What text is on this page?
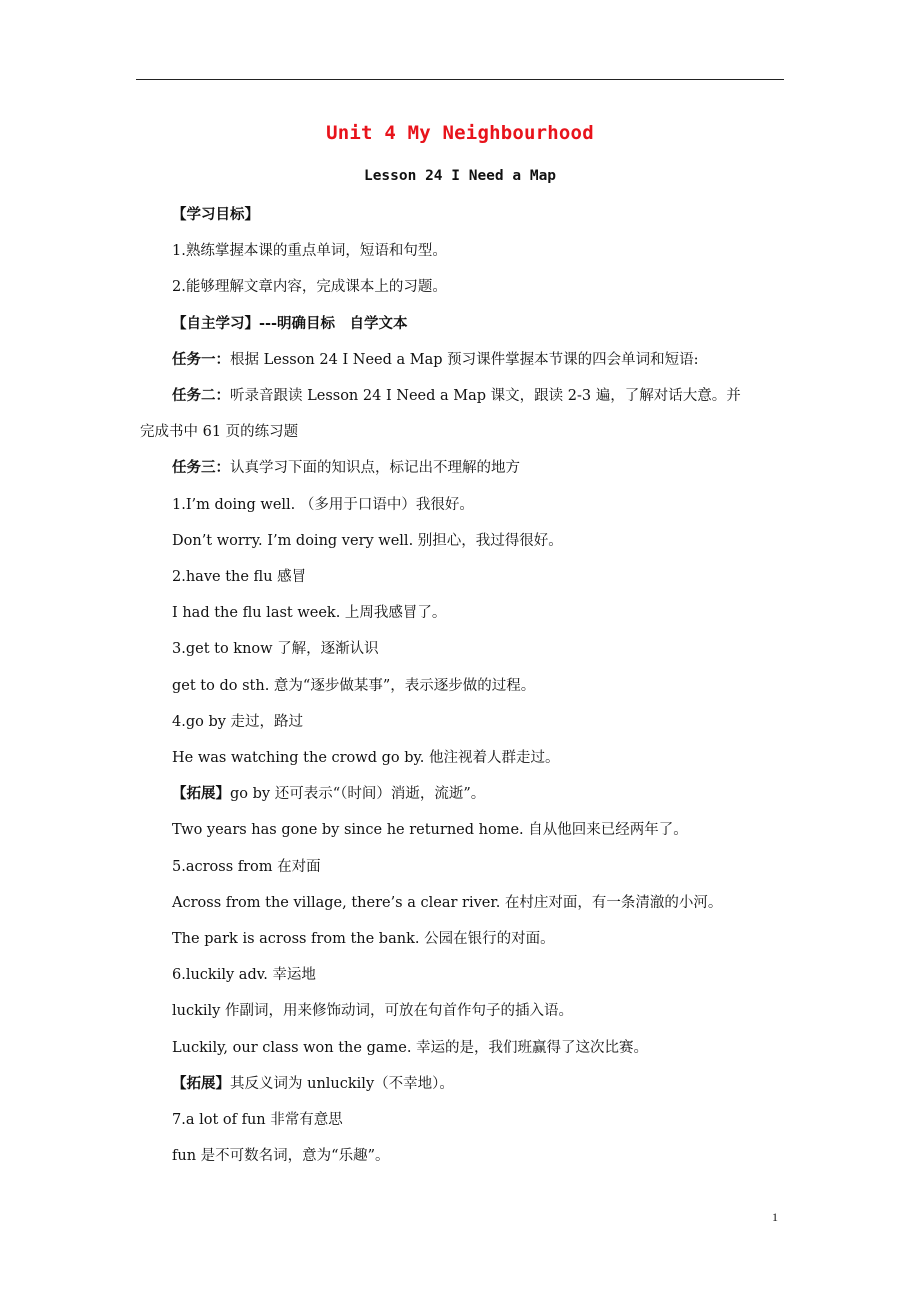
Unit 4 My Neighbourhood
Lesson 24 I Need a Map
【学习目标】
1.熟练掌握本课的重点单词，短语和句型。
2.能够理解文章内容，完成课本上的习题。
【自主学习】---明确目标　自学文本
任务一：根据 Lesson 24 I Need a Map 预习课件掌握本节课的四会单词和短语:
任务二：听录音跟读 Lesson 24 I Need a Map 课文，跟读 2-3 遍，了解对话大意。并
完成书中 61 页的练习题
任务三：认真学习下面的知识点，标记出不理解的地方
1.I’m doing well. （多用于口语中）我很好。
Don’t worry. I’m doing very well. 别担心，我过得很好。
2.have the flu 感冒
I had the flu last week. 上周我感冒了。
3.get to know 了解，逐渐认识
get to do sth. 意为“逐步做某事”，表示逐步做的过程。
4.go by 走过，路过
He was watching the crowd go by. 他注视着人群走过。
【拓展】go by 还可表示“（时间）消逝，流逝”。
Two years has gone by since he returned home. 自从他回来已经两年了。
5.across from 在对面
Across from the village, there’s a clear river. 在村庄对面，有一条清澈的小河。
The park is across from the bank. 公园在银行的对面。
6.luckily adv. 幸运地
luckily 作副词，用来修饰动词，可放在句首作句子的插入语。
Luckily, our class won the game. 幸运的是，我们班赢得了这次比赛。
【拓展】其反义词为 unluckily（不幸地）。
7.a lot of fun 非常有意思
fun 是不可数名词，意为“乐趣”。
1
